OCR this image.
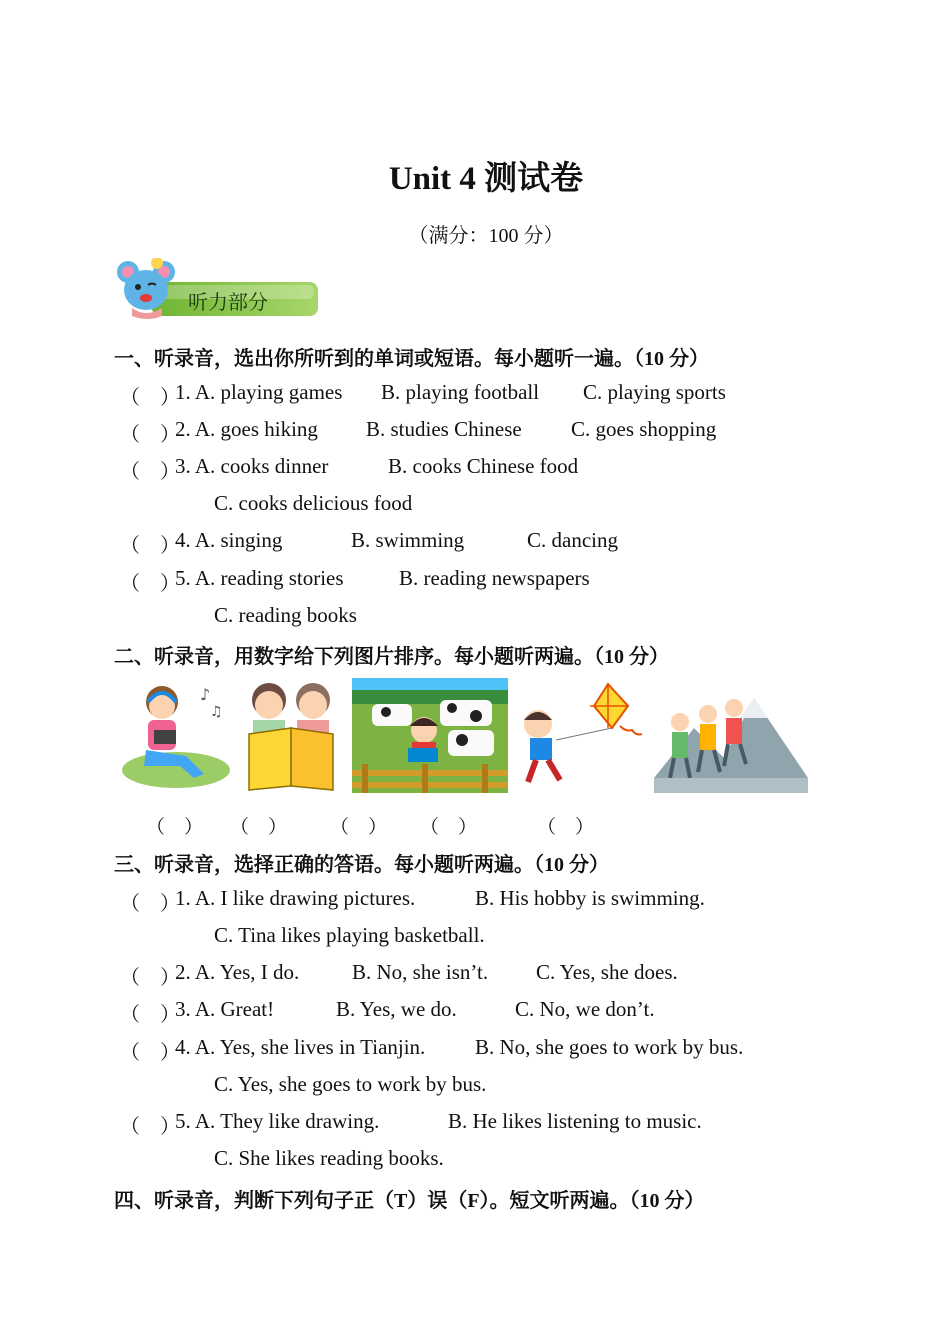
Unit 4 测试卷
（满分：100 分）
听力部分
一、听录音，选出你所听到的单词或短语。每小题听一遍。（10 分）
（　）
1. A. playing games B. playing football C. playing sports
（　）
2. A. goes hiking B. studies Chinese C. goes shopping
（　）
3. A. cooks dinner	B. cooks Chinese food
C. cooks delicious food
（　）
4. A. singing	B. swimming	C. dancing
（　）
5. A. reading stories	B. reading newspapers
C. reading books
二、听录音，用数字给下列图片排序。每小题听两遍。（10 分）
♪
♫
（　） （　） （　） （　）	（　）
三、听录音，选择正确的答语。每小题听两遍。（10 分）
（　）
1. A. I like drawing pictures.	B. His hobby is swimming.
C. Tina likes playing basketball.
（　）
2. A. Yes, I do.	B. No, she isn’t. C. Yes, she does.
（　）
3. A. Great!	B. Yes, we do.	C. No, we don’t.
（　）
4. A. Yes, she lives in Tianjin. B. No, she goes to work by bus.
C. Yes, she goes to work by bus.
（　）
5. A. They like drawing.	B. He likes listening to music.
C. She likes reading books.
四、听录音，判断下列句子正（T）误（F）。短文听两遍。（10 分）
